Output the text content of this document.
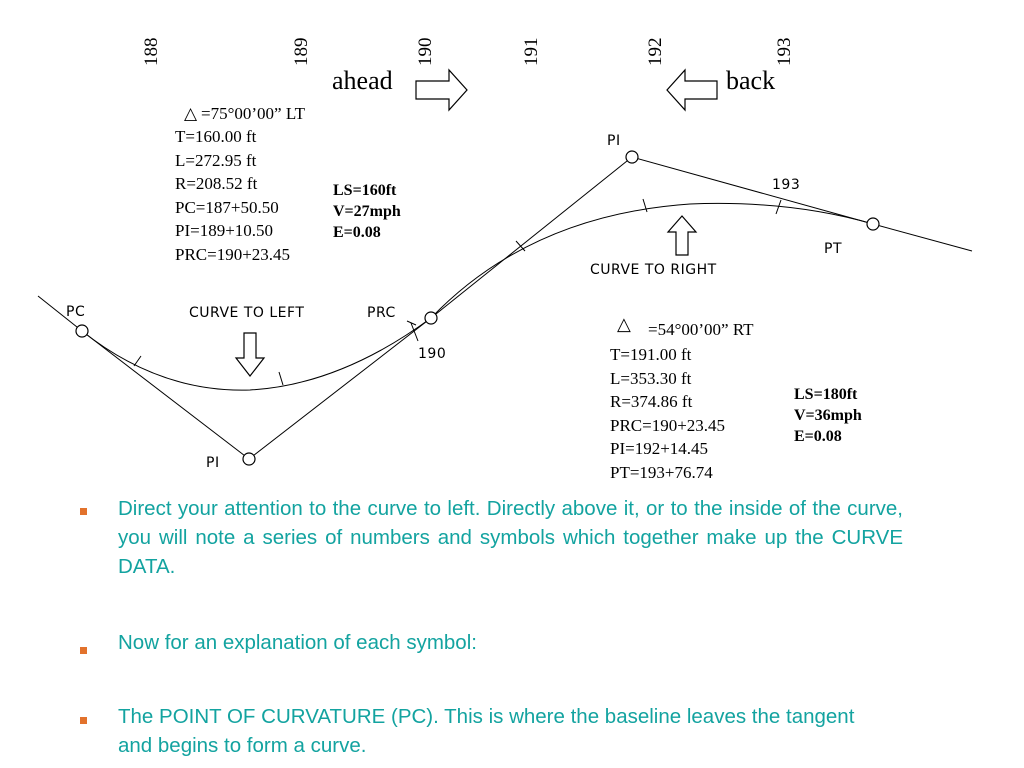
188	189	190	191	192	193
ahead	back
△ =75°00’00” LT
T=160.00 ft
L=272.95 ft
R=208.52 ft
PC=187+50.50
PI=189+10.50
PRC=190+23.45
LS=160ft
V=27mph
E=0.08
△ =54°00’00” RT
T=191.00 ft
L=353.30 ft
R=374.86 ft
PRC=190+23.45
PI=192+14.45
PT=193+76.74
LS=180ft
V=36mph
E=0.08
CURVE TO LEFT
CURVE TO RIGHT
PC
PI
PRC
190
PI
193
PT
Direct your attention to the curve to left. Directly above it, or to the inside of the curve, you will note a series of numbers and symbols which together make up the CURVE DATA.
Now for an explanation of each symbol:
The POINT OF CURVATURE (PC). This is where the baseline leaves the tangent and begins to form a curve.
